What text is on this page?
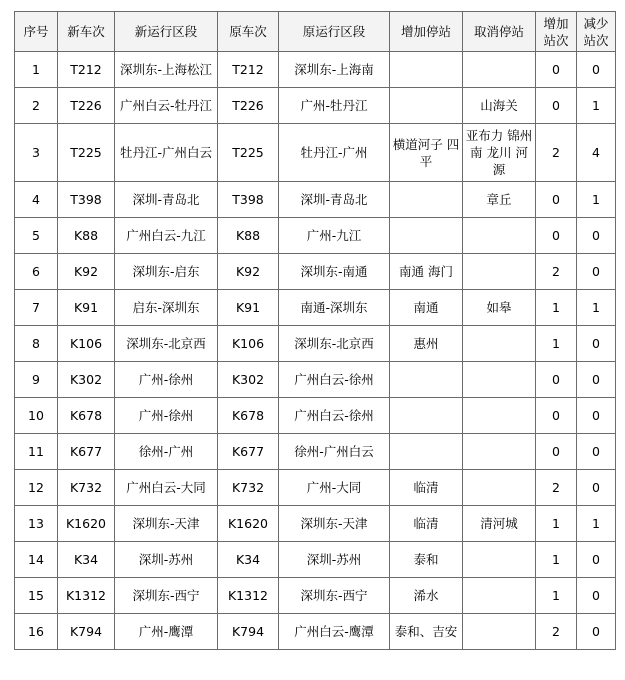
序号	新车次	新运行区段	原车次	原运行区段	增加停站	取消停站	增加站次	减少站次
1	T212	深圳东-上海松江	T212	深圳东-上海南			0	0
2	T226	广州白云-牡丹江	T226	广州-牡丹江		山海关	0	1
3	T225	牡丹江-广州白云	T225	牡丹江-广州	横道河子 四平	亚布力 锦州南 龙川 河源	2	4
4	T398	深圳-青岛北	T398	深圳-青岛北		章丘	0	1
5	K88	广州白云-九江	K88	广州-九江			0	0
6	K92	深圳东-启东	K92	深圳东-南通	南通 海门		2	0
7	K91	启东-深圳东	K91	南通-深圳东	南通	如皋	1	1
8	K106	深圳东-北京西	K106	深圳东-北京西	惠州		1	0
9	K302	广州-徐州	K302	广州白云-徐州			0	0
10	K678	广州-徐州	K678	广州白云-徐州			0	0
11	K677	徐州-广州	K677	徐州-广州白云			0	0
12	K732	广州白云-大同	K732	广州-大同	临清		2	0
13	K1620	深圳东-天津	K1620	深圳东-天津	临清	清河城	1	1
14	K34	深圳-苏州	K34	深圳-苏州	泰和		1	0
15	K1312	深圳东-西宁	K1312	深圳东-西宁	浠水		1	0
16	K794	广州-鹰潭	K794	广州白云-鹰潭	泰和、吉安		2	0
